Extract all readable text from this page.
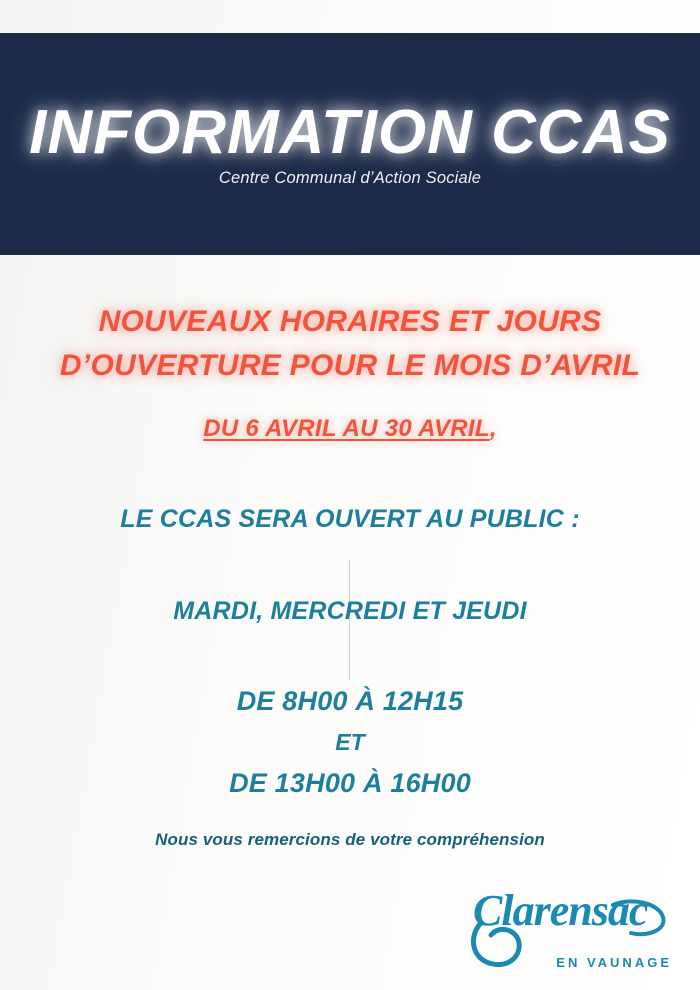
INFORMATION CCAS
Centre Communal d’Action Sociale
NOUVEAUX HORAIRES ET JOURS
D’OUVERTURE POUR LE MOIS D’AVRIL
DU 6 AVRIL AU 30 AVRIL,
LE CCAS SERA OUVERT AU PUBLIC :
MARDI, MERCREDI ET JEUDI
DE 8H00 À 12H15
ET
DE 13H00 À 16H00
Nous vous remercions de votre compréhension
Clarensac
EN VAUNAGE
